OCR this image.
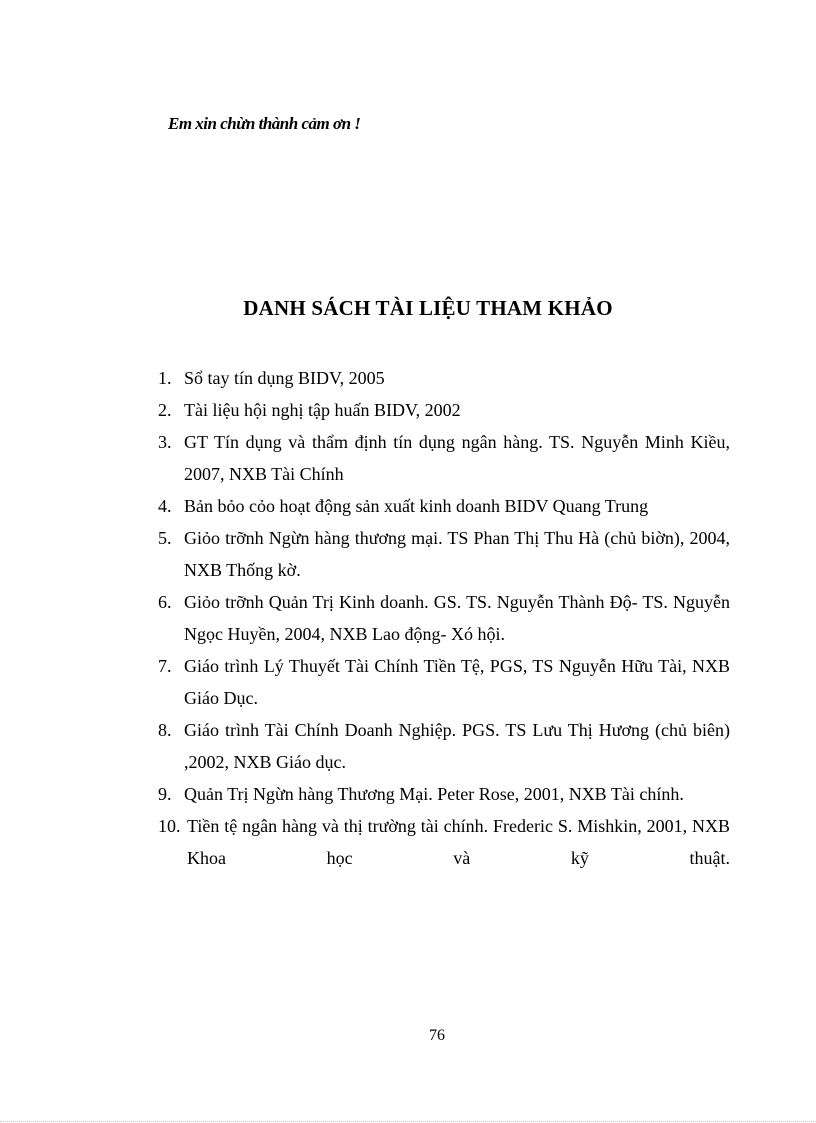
Em xin chừn thành cảm ơn !
DANH SÁCH TÀI LIỆU THAM KHẢO
1. Sổ tay tín dụng BIDV, 2005
2. Tài liệu hội nghị tập huấn BIDV, 2002
3. GT Tín dụng và thẩm định tín dụng ngân hàng. TS. Nguyễn Minh Kiều, 2007, NXB Tài Chính
4. Bản bỏo cỏo hoạt động sản xuất kinh doanh BIDV Quang Trung
5. Giỏo trỡnh Ngừn hàng thương mại. TS Phan Thị Thu Hà (chủ biờn), 2004, NXB Thống kờ.
6. Giỏo trỡnh Quản Trị Kinh doanh. GS. TS. Nguyễn Thành Độ- TS. Nguyễn Ngọc Huyền, 2004, NXB Lao động- Xó hội.
7. Giáo trình Lý Thuyết Tài Chính Tiền Tệ, PGS, TS Nguyễn Hữu Tài, NXB Giáo Dục.
8. Giáo trình Tài Chính Doanh Nghiệp. PGS. TS Lưu Thị Hương (chủ biên) ,2002, NXB Giáo dục.
9. Quản Trị Ngừn hàng Thương Mại. Peter Rose, 2001, NXB Tài chính.
10. Tiền tệ ngân hàng và thị trường tài chính. Frederic S. Mishkin, 2001, NXB Khoa học và kỹ thuật.
76
